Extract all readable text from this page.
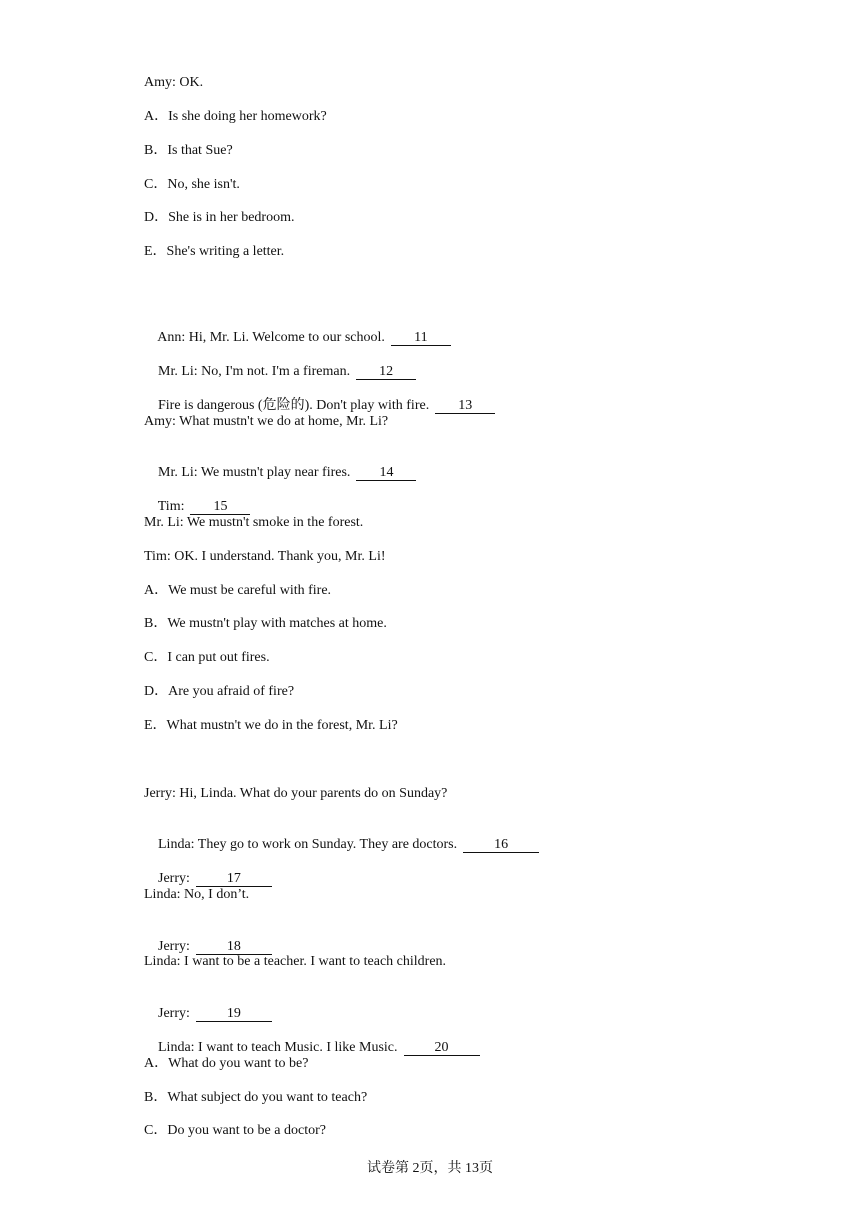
Amy: OK.
A．Is she doing her homework?
B．Is that Sue?
C．No, she isn't.
D．She is in her bedroom.
E．She's writing a letter.

Ann: Hi, Mr. Li. Welcome to our school. 11

Mr. Li: No, I'm not. I'm a fireman. 12

Fire is dangerous (危险的). Don't play with fire. 13

Amy: What mustn't we do at home, Mr. Li?

Mr. Li: We mustn't play near fires. 14

Tim: 15

Mr. Li: We mustn't smoke in the forest.
Tim: OK. I understand. Thank you, Mr. Li!
A．We must be careful with fire.
B．We mustn't play with matches at home.
C．I can put out fires.
D．Are you afraid of fire?
E．What mustn't we do in the forest, Mr. Li?
Jerry: Hi, Linda. What do your parents do on Sunday?

Linda: They go to work on Sunday. They are doctors.	16

Jerry:	17

Linda: No, I don’t.

Jerry:	18

Linda: I want to be a teacher. I want to teach children.

Jerry:	19

Linda: I want to teach Music. I like Music.	20

A．What do you want to be?
B．What subject do you want to teach?
C．Do you want to be a doctor?
试卷第 2页，共 13页
